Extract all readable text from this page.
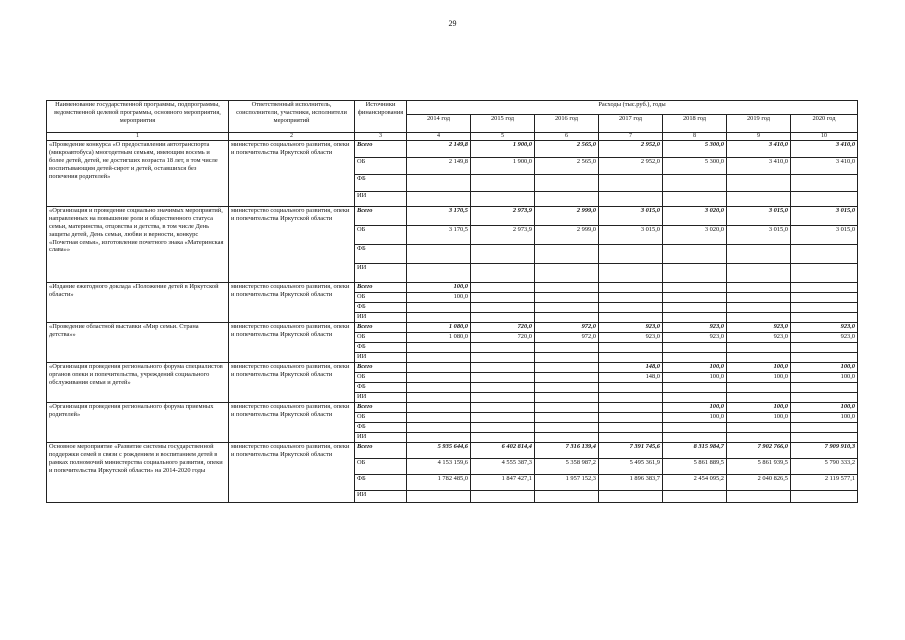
29
Наименование государственной программы, подпрограммы, ведомственной целевой программы, основного мероприятия, мероприятия	Ответственный исполнитель, соисполнители, участники, исполнители мероприятий	Источники финансирования	Расходы (тыс.руб.), годы						
			2014 год	2015 год	2016 год	2017 год	2018 год	2019 год	2020 год
1	2	3	4	5	6	7	8	9	10
«Проведение конкурса «О предоставлении автотранспорта (микроавтобуса) многодетным семьям, имеющим восемь и более детей, детей, не достигших возраста 18 лет, в том числе воспитывающим детей-сирот и детей, оставшихся без попечения родителей»	министерство социального развития, опеки и попечительства Иркутской области	Всего	2 149,8	1 900,0	2 565,0	2 952,0	5 300,0	3 410,0	3 410,0
		ОБ	2 149,8	1 900,0	2 565,0	2 952,0	5 300,0	3 410,0	3 410,0
		ФБ							
		ИИ							
«Организация и проведение социально значимых мероприятий, направленных на повышение роли и общественного статуса семьи, материнства, отцовства и детства, в том числе День защиты детей, День семьи, любви и верности, конкурс «Почетная семья», изготовление почетного знака «Материнская слава»»	министерство социального развития, опеки и попечительства Иркутской области	Всего	3 170,5	2 973,9	2 999,0	3 015,0	3 020,0	3 015,0	3 015,0
		ОБ	3 170,5	2 973,9	2 999,0	3 015,0	3 020,0	3 015,0	3 015,0
		ФБ							
		ИИ							
«Издание ежегодного доклада «Положение детей в Иркутской области»	министерство социального развития, опеки и попечительства Иркутской области	Всего	100,0						
		ОБ	100,0						
		ФБ							
		ИИ							
«Проведение областной выставки «Мир семьи. Страна детства»»	министерство социального развития, опеки и попечительства Иркутской области	Всего	1 080,0	720,0	972,0	923,0	923,0	923,0	923,0
		ОБ	1 080,0	720,0	972,0	923,0	923,0	923,0	923,0
		ФБ							
		ИИ							
«Организация проведения регионального форума специалистов органов опеки и попечительства, учреждений социального обслуживания семьи и детей»	министерство социального развития, опеки и попечительства Иркутской области	Всего				148,0	100,0	100,0	100,0
		ОБ				148,0	100,0	100,0	100,0
		ФБ							
		ИИ							
«Организация проведения регионального форума приемных родителей»	министерство социального развития, опеки и попечительства Иркутской области	Всего					100,0	100,0	100,0
		ОБ					100,0	100,0	100,0
		ФБ							
		ИИ							
Основное мероприятие «Развитие системы государственной поддержки семей в связи с рождением и воспитанием детей в рамках полномочий министерства социального развития, опеки и попечительства Иркутской области» на 2014-2020 годы	министерство социального развития, опеки и попечительства Иркутской области	Всего	5 935 644,6	6 402 814,4	7 316 139,4	7 391 745,6	8 315 984,7	7 902 766,0	7 909 910,3
		ОБ	4 153 159,6	4 555 387,3	5 358 987,2	5 495 361,9	5 861 889,5	5 861 939,5	5 790 333,2
		ФБ	1 782 485,0	1 847 427,1	1 957 152,3	1 896 383,7	2 454 095,2	2 040 826,5	2 119 577,1
		ИИ							
